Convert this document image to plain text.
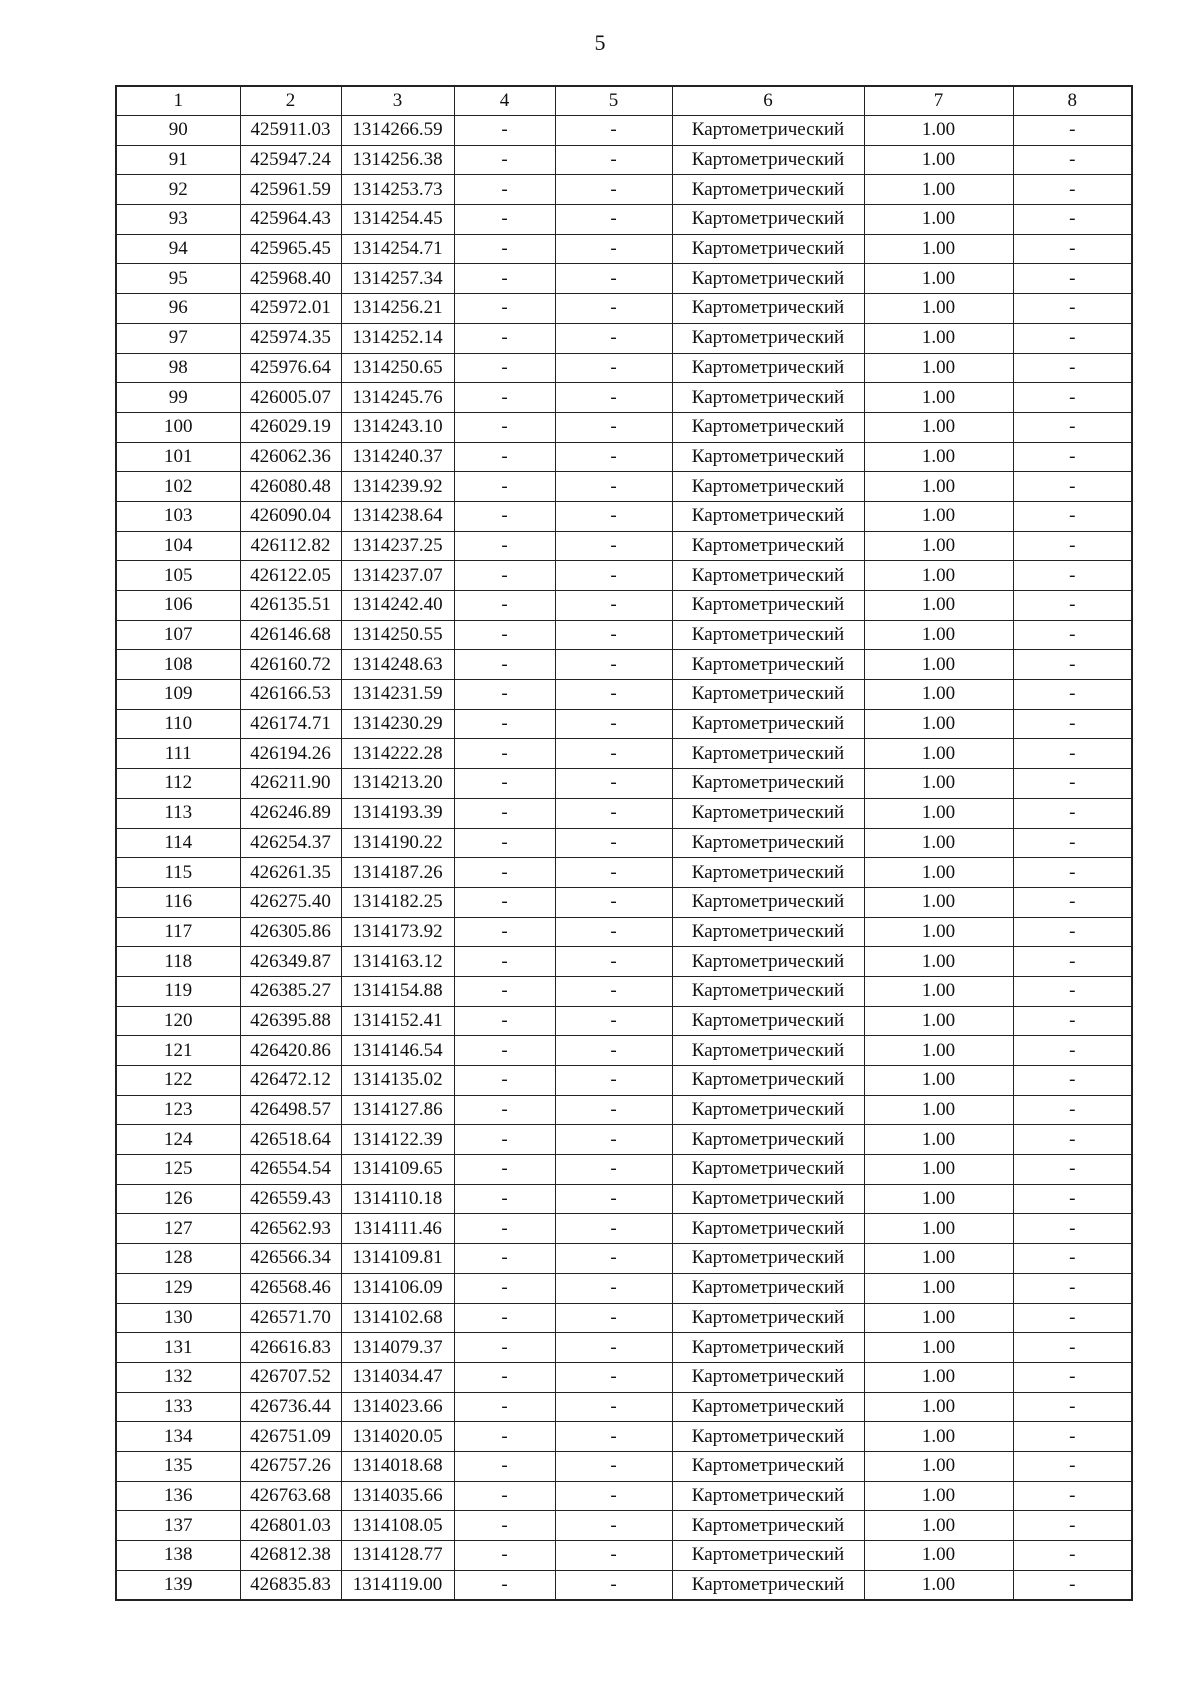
5
1	2	3	4	5	6	7	8
90	425911.03	1314266.59	-	-	Картометрический	1.00	-
91	425947.24	1314256.38	-	-	Картометрический	1.00	-
92	425961.59	1314253.73	-	-	Картометрический	1.00	-
93	425964.43	1314254.45	-	-	Картометрический	1.00	-
94	425965.45	1314254.71	-	-	Картометрический	1.00	-
95	425968.40	1314257.34	-	-	Картометрический	1.00	-
96	425972.01	1314256.21	-	-	Картометрический	1.00	-
97	425974.35	1314252.14	-	-	Картометрический	1.00	-
98	425976.64	1314250.65	-	-	Картометрический	1.00	-
99	426005.07	1314245.76	-	-	Картометрический	1.00	-
100	426029.19	1314243.10	-	-	Картометрический	1.00	-
101	426062.36	1314240.37	-	-	Картометрический	1.00	-
102	426080.48	1314239.92	-	-	Картометрический	1.00	-
103	426090.04	1314238.64	-	-	Картометрический	1.00	-
104	426112.82	1314237.25	-	-	Картометрический	1.00	-
105	426122.05	1314237.07	-	-	Картометрический	1.00	-
106	426135.51	1314242.40	-	-	Картометрический	1.00	-
107	426146.68	1314250.55	-	-	Картометрический	1.00	-
108	426160.72	1314248.63	-	-	Картометрический	1.00	-
109	426166.53	1314231.59	-	-	Картометрический	1.00	-
110	426174.71	1314230.29	-	-	Картометрический	1.00	-
111	426194.26	1314222.28	-	-	Картометрический	1.00	-
112	426211.90	1314213.20	-	-	Картометрический	1.00	-
113	426246.89	1314193.39	-	-	Картометрический	1.00	-
114	426254.37	1314190.22	-	-	Картометрический	1.00	-
115	426261.35	1314187.26	-	-	Картометрический	1.00	-
116	426275.40	1314182.25	-	-	Картометрический	1.00	-
117	426305.86	1314173.92	-	-	Картометрический	1.00	-
118	426349.87	1314163.12	-	-	Картометрический	1.00	-
119	426385.27	1314154.88	-	-	Картометрический	1.00	-
120	426395.88	1314152.41	-	-	Картометрический	1.00	-
121	426420.86	1314146.54	-	-	Картометрический	1.00	-
122	426472.12	1314135.02	-	-	Картометрический	1.00	-
123	426498.57	1314127.86	-	-	Картометрический	1.00	-
124	426518.64	1314122.39	-	-	Картометрический	1.00	-
125	426554.54	1314109.65	-	-	Картометрический	1.00	-
126	426559.43	1314110.18	-	-	Картометрический	1.00	-
127	426562.93	1314111.46	-	-	Картометрический	1.00	-
128	426566.34	1314109.81	-	-	Картометрический	1.00	-
129	426568.46	1314106.09	-	-	Картометрический	1.00	-
130	426571.70	1314102.68	-	-	Картометрический	1.00	-
131	426616.83	1314079.37	-	-	Картометрический	1.00	-
132	426707.52	1314034.47	-	-	Картометрический	1.00	-
133	426736.44	1314023.66	-	-	Картометрический	1.00	-
134	426751.09	1314020.05	-	-	Картометрический	1.00	-
135	426757.26	1314018.68	-	-	Картометрический	1.00	-
136	426763.68	1314035.66	-	-	Картометрический	1.00	-
137	426801.03	1314108.05	-	-	Картометрический	1.00	-
138	426812.38	1314128.77	-	-	Картометрический	1.00	-
139	426835.83	1314119.00	-	-	Картометрический	1.00	-
